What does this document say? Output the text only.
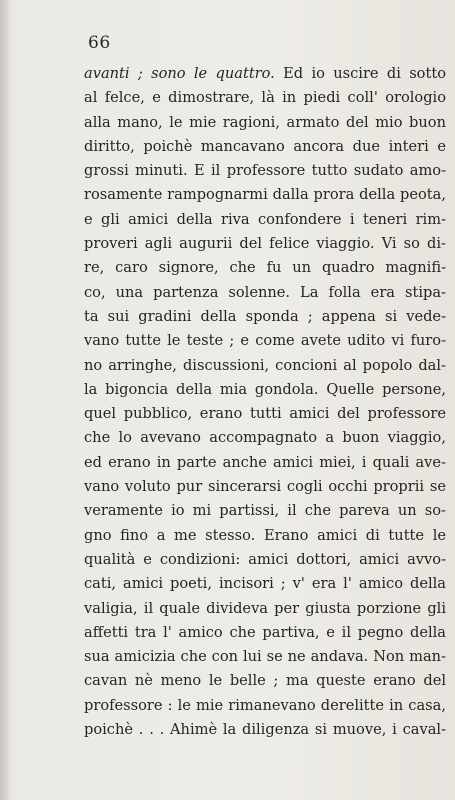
66
avanti ; sono le quattro. Ed io uscire di sotto
al felce, e dimostrare, là in piedi coll' orologio
alla mano, le mie ragioni, armato del mio buon
diritto, poichè mancavano ancora due interi e
grossi minuti. E il professore tutto sudato amo-
rosamente rampognarmi dalla prora della peota,
e gli amici della riva confondere i teneri rim-
proveri agli augurii del felice viaggio. Vi so di-
re, caro signore, che fu un quadro magnifi-
co, una partenza solenne. La folla era stipa-
ta sui gradini della sponda ; appena si vede-
vano tutte le teste ; e come avete udito vi furo-
no arringhe, discussioni, concioni al popolo dal-
la bigoncia della mia gondola. Quelle persone,
quel pubblico, erano tutti amici del professore
che lo avevano accompagnato a buon viaggio,
ed erano in parte anche amici miei, i quali ave-
vano voluto pur sincerarsi cogli occhi proprii se
veramente io mi partissi, il che pareva un so-
gno fino a me stesso. Erano amici di tutte le
qualità e condizioni: amici dottori, amici avvo-
cati, amici poeti, incisori ; v' era l' amico della
valigia, il quale divideva per giusta porzione gli
affetti tra l' amico che partiva, e il pegno della
sua amicizia che con lui se ne andava. Non man-
cavan nè meno le belle ; ma queste erano del
professore : le mie rimanevano derelitte in casa,
poichè . . . Ahimè la diligenza si muove, i caval-
